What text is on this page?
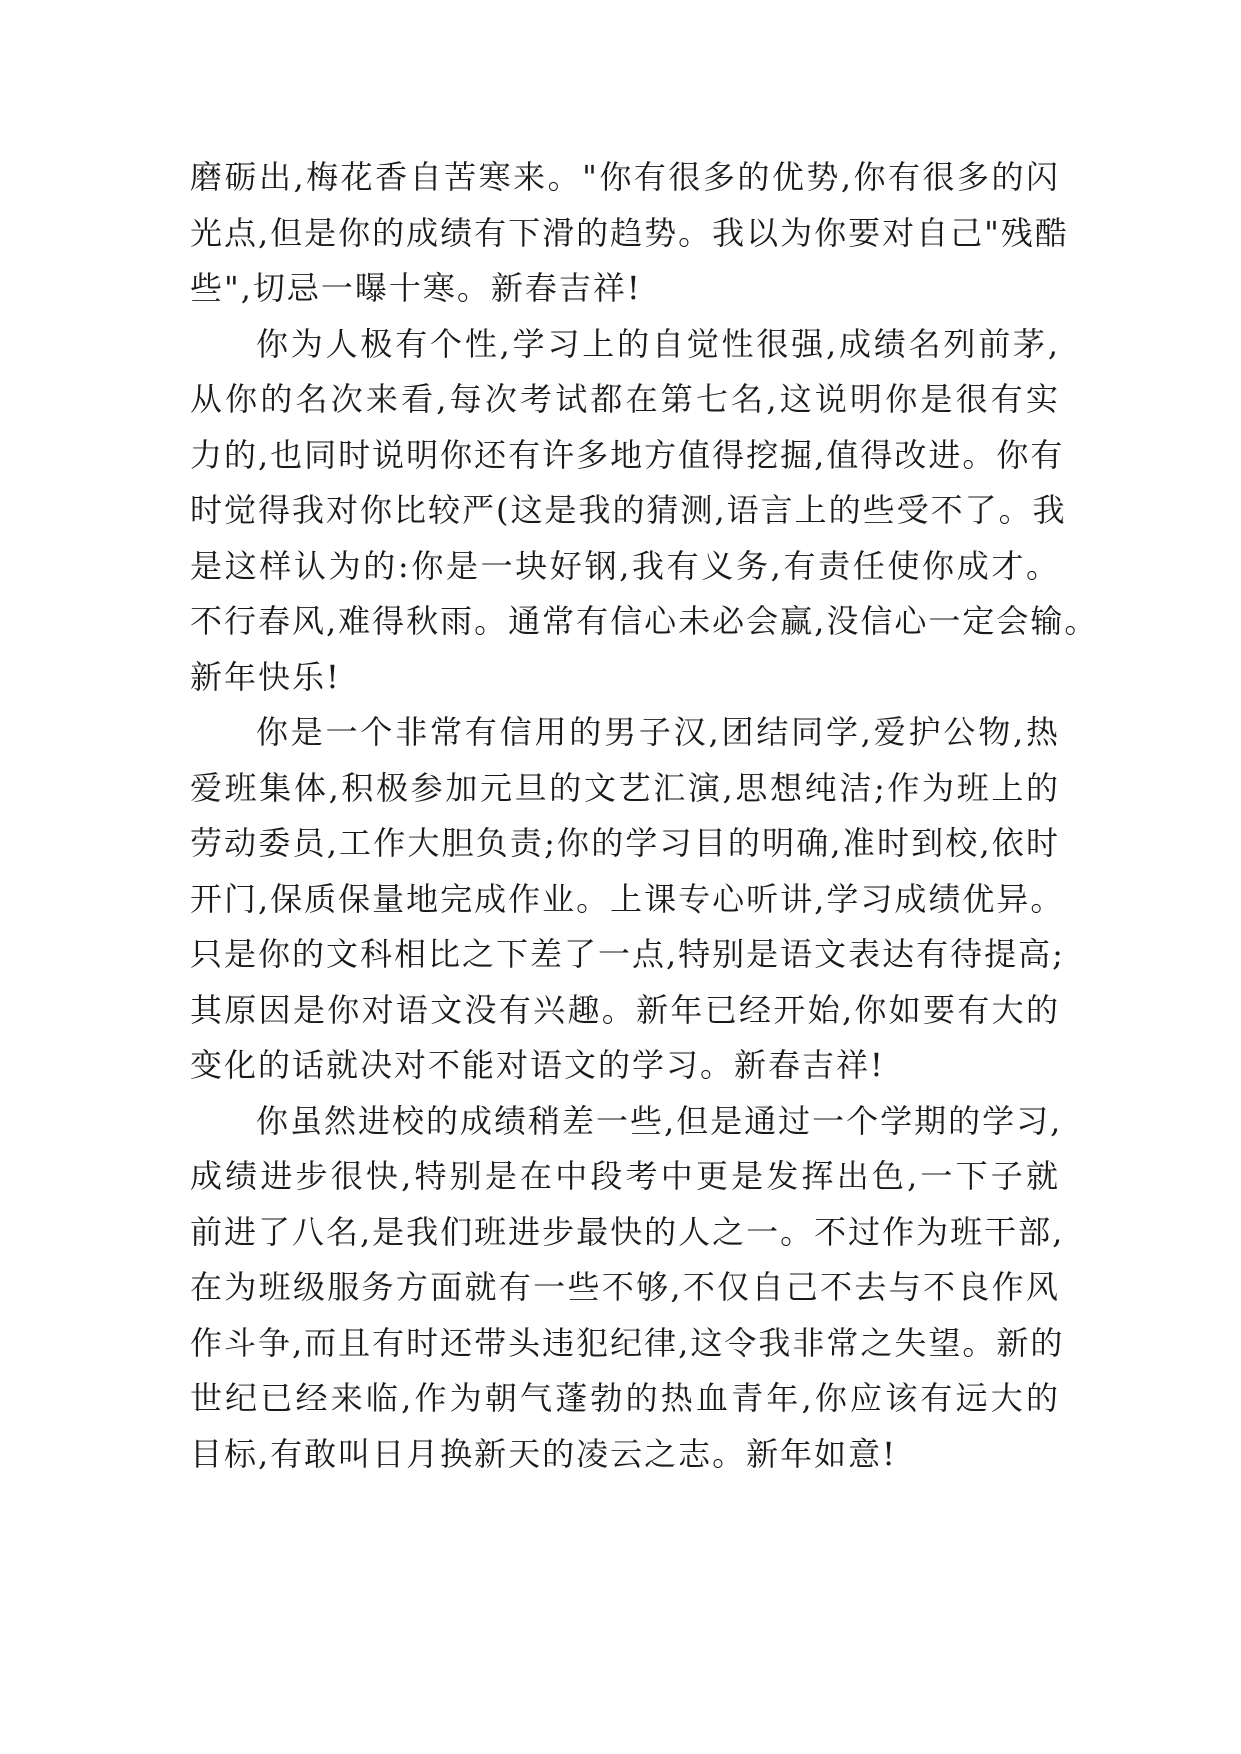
磨砺出,梅花香自苦寒来。"你有很多的优势,你有很多的闪
光点,但是你的成绩有下滑的趋势。我以为你要对自己"残酷
些",切忌一曝十寒。新春吉祥!
你为人极有个性,学习上的自觉性很强,成绩名列前茅,
从你的名次来看,每次考试都在第七名,这说明你是很有实
力的,也同时说明你还有许多地方值得挖掘,值得改进。你有
时觉得我对你比较严(这是我的猜测,语言上的些受不了。我
是这样认为的:你是一块好钢,我有义务,有责任使你成才。
不行春风,难得秋雨。通常有信心未必会赢,没信心一定会输。
新年快乐!
你是一个非常有信用的男子汉,团结同学,爱护公物,热
爱班集体,积极参加元旦的文艺汇演,思想纯洁;作为班上的
劳动委员,工作大胆负责;你的学习目的明确,准时到校,依时
开门,保质保量地完成作业。上课专心听讲,学习成绩优异。
只是你的文科相比之下差了一点,特别是语文表达有待提高;
其原因是你对语文没有兴趣。新年已经开始,你如要有大的
变化的话就决对不能对语文的学习。新春吉祥!
你虽然进校的成绩稍差一些,但是通过一个学期的学习,
成绩进步很快,特别是在中段考中更是发挥出色,一下子就
前进了八名,是我们班进步最快的人之一。不过作为班干部,
在为班级服务方面就有一些不够,不仅自己不去与不良作风
作斗争,而且有时还带头违犯纪律,这令我非常之失望。新的
世纪已经来临,作为朝气蓬勃的热血青年,你应该有远大的
目标,有敢叫日月换新天的凌云之志。新年如意!
